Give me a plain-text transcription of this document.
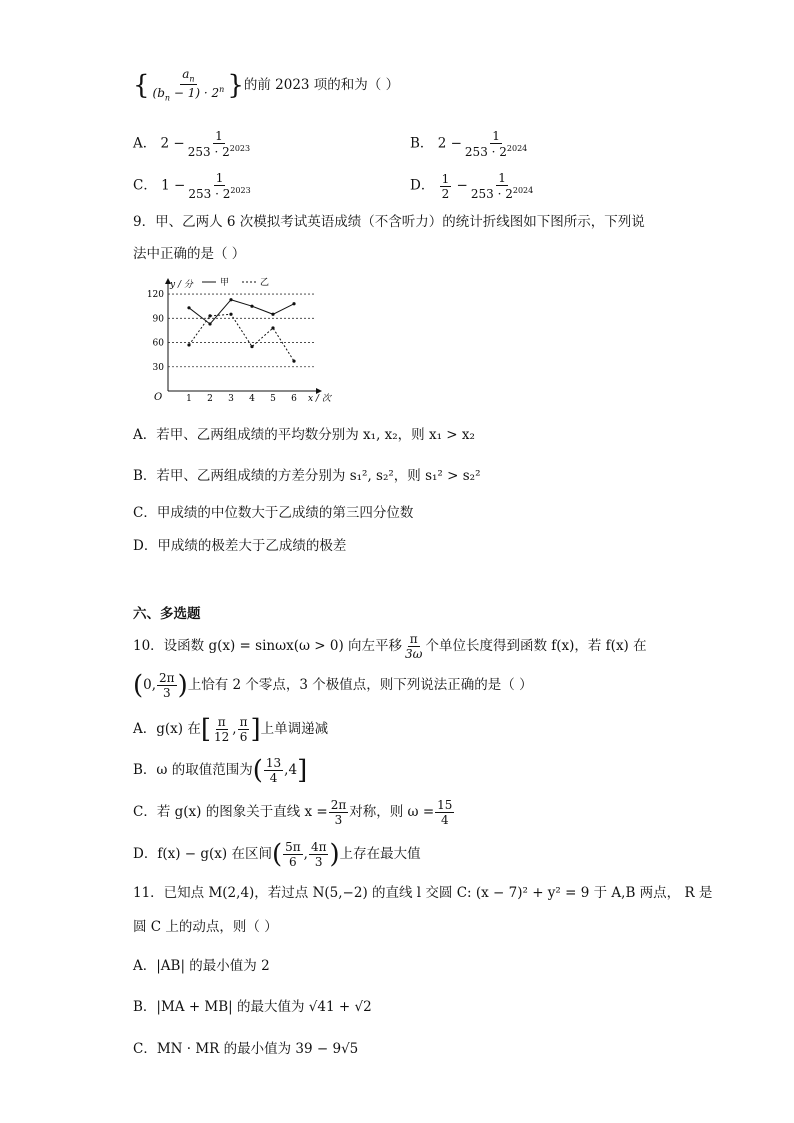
{ $\frac{a_n}{(b_n - 1) \cdot 2^n}$ }的前 2023 项的和为（ ）
A． $2 - \frac{1}{253 \cdot 2^{2023}}$	B． $2 - \frac{1}{253 \cdot 2^{2024}}$
C． $1 - \frac{1}{253 \cdot 2^{2023}}$	D． $\frac{1}{2} - \frac{1}{253 \cdot 2^{2024}}$
9．甲、乙两人 6 次模拟考试英语成绩（不含听力）的统计折线图如下图所示，下列说
法中正确的是（ ）
O
y / 分
x / 次
甲	乙
30
60
90
120
1 2 3 4 5 6
A．若甲、乙两组成绩的平均数分别为 x₁, x₂，则 x₁ > x₂
B．若甲、乙两组成绩的方差分别为 s₁², s₂²，则 s₁² > s₂²
C．甲成绩的中位数大于乙成绩的第三四分位数
D．甲成绩的极差大于乙成绩的极差
六、多选题
10．设函数 g(x) = sinωx(ω > 0) 向左平移 $\frac{\pi}{3\omega}$ 个单位长度得到函数 f(x)，若 f(x) 在
(0, $\frac{2\pi}{3}$ )上恰有 2 个零点，3 个极值点，则下列说法正确的是（ ）
A．g(x) 在[ $\frac{\pi}{12}$ , $\frac{\pi}{6}$ ]上单调递减
B．ω 的取值范围为( $\frac{13}{4} ,4$]
C．若 g(x) 的图象关于直线 $x = \frac{2\pi}{3}$ 对称，则 $\omega = \frac{15}{4}$
D．f(x) − g(x) 在区间( $\frac{5\pi}{6}$ , $\frac{4\pi}{3}$ )上存在最大值
11．已知点 M(2,4)，若过点 N(5,−2) 的直线 l 交圆 C: (x − 7)² + y² = 9 于 A,B 两点， R 是
圆 C 上的动点，则（ ）
A．|AB| 的最小值为 2
B．|MA + MB| 的最大值为 √41 + √2
C．MN · MR 的最小值为 39 − 9√5
